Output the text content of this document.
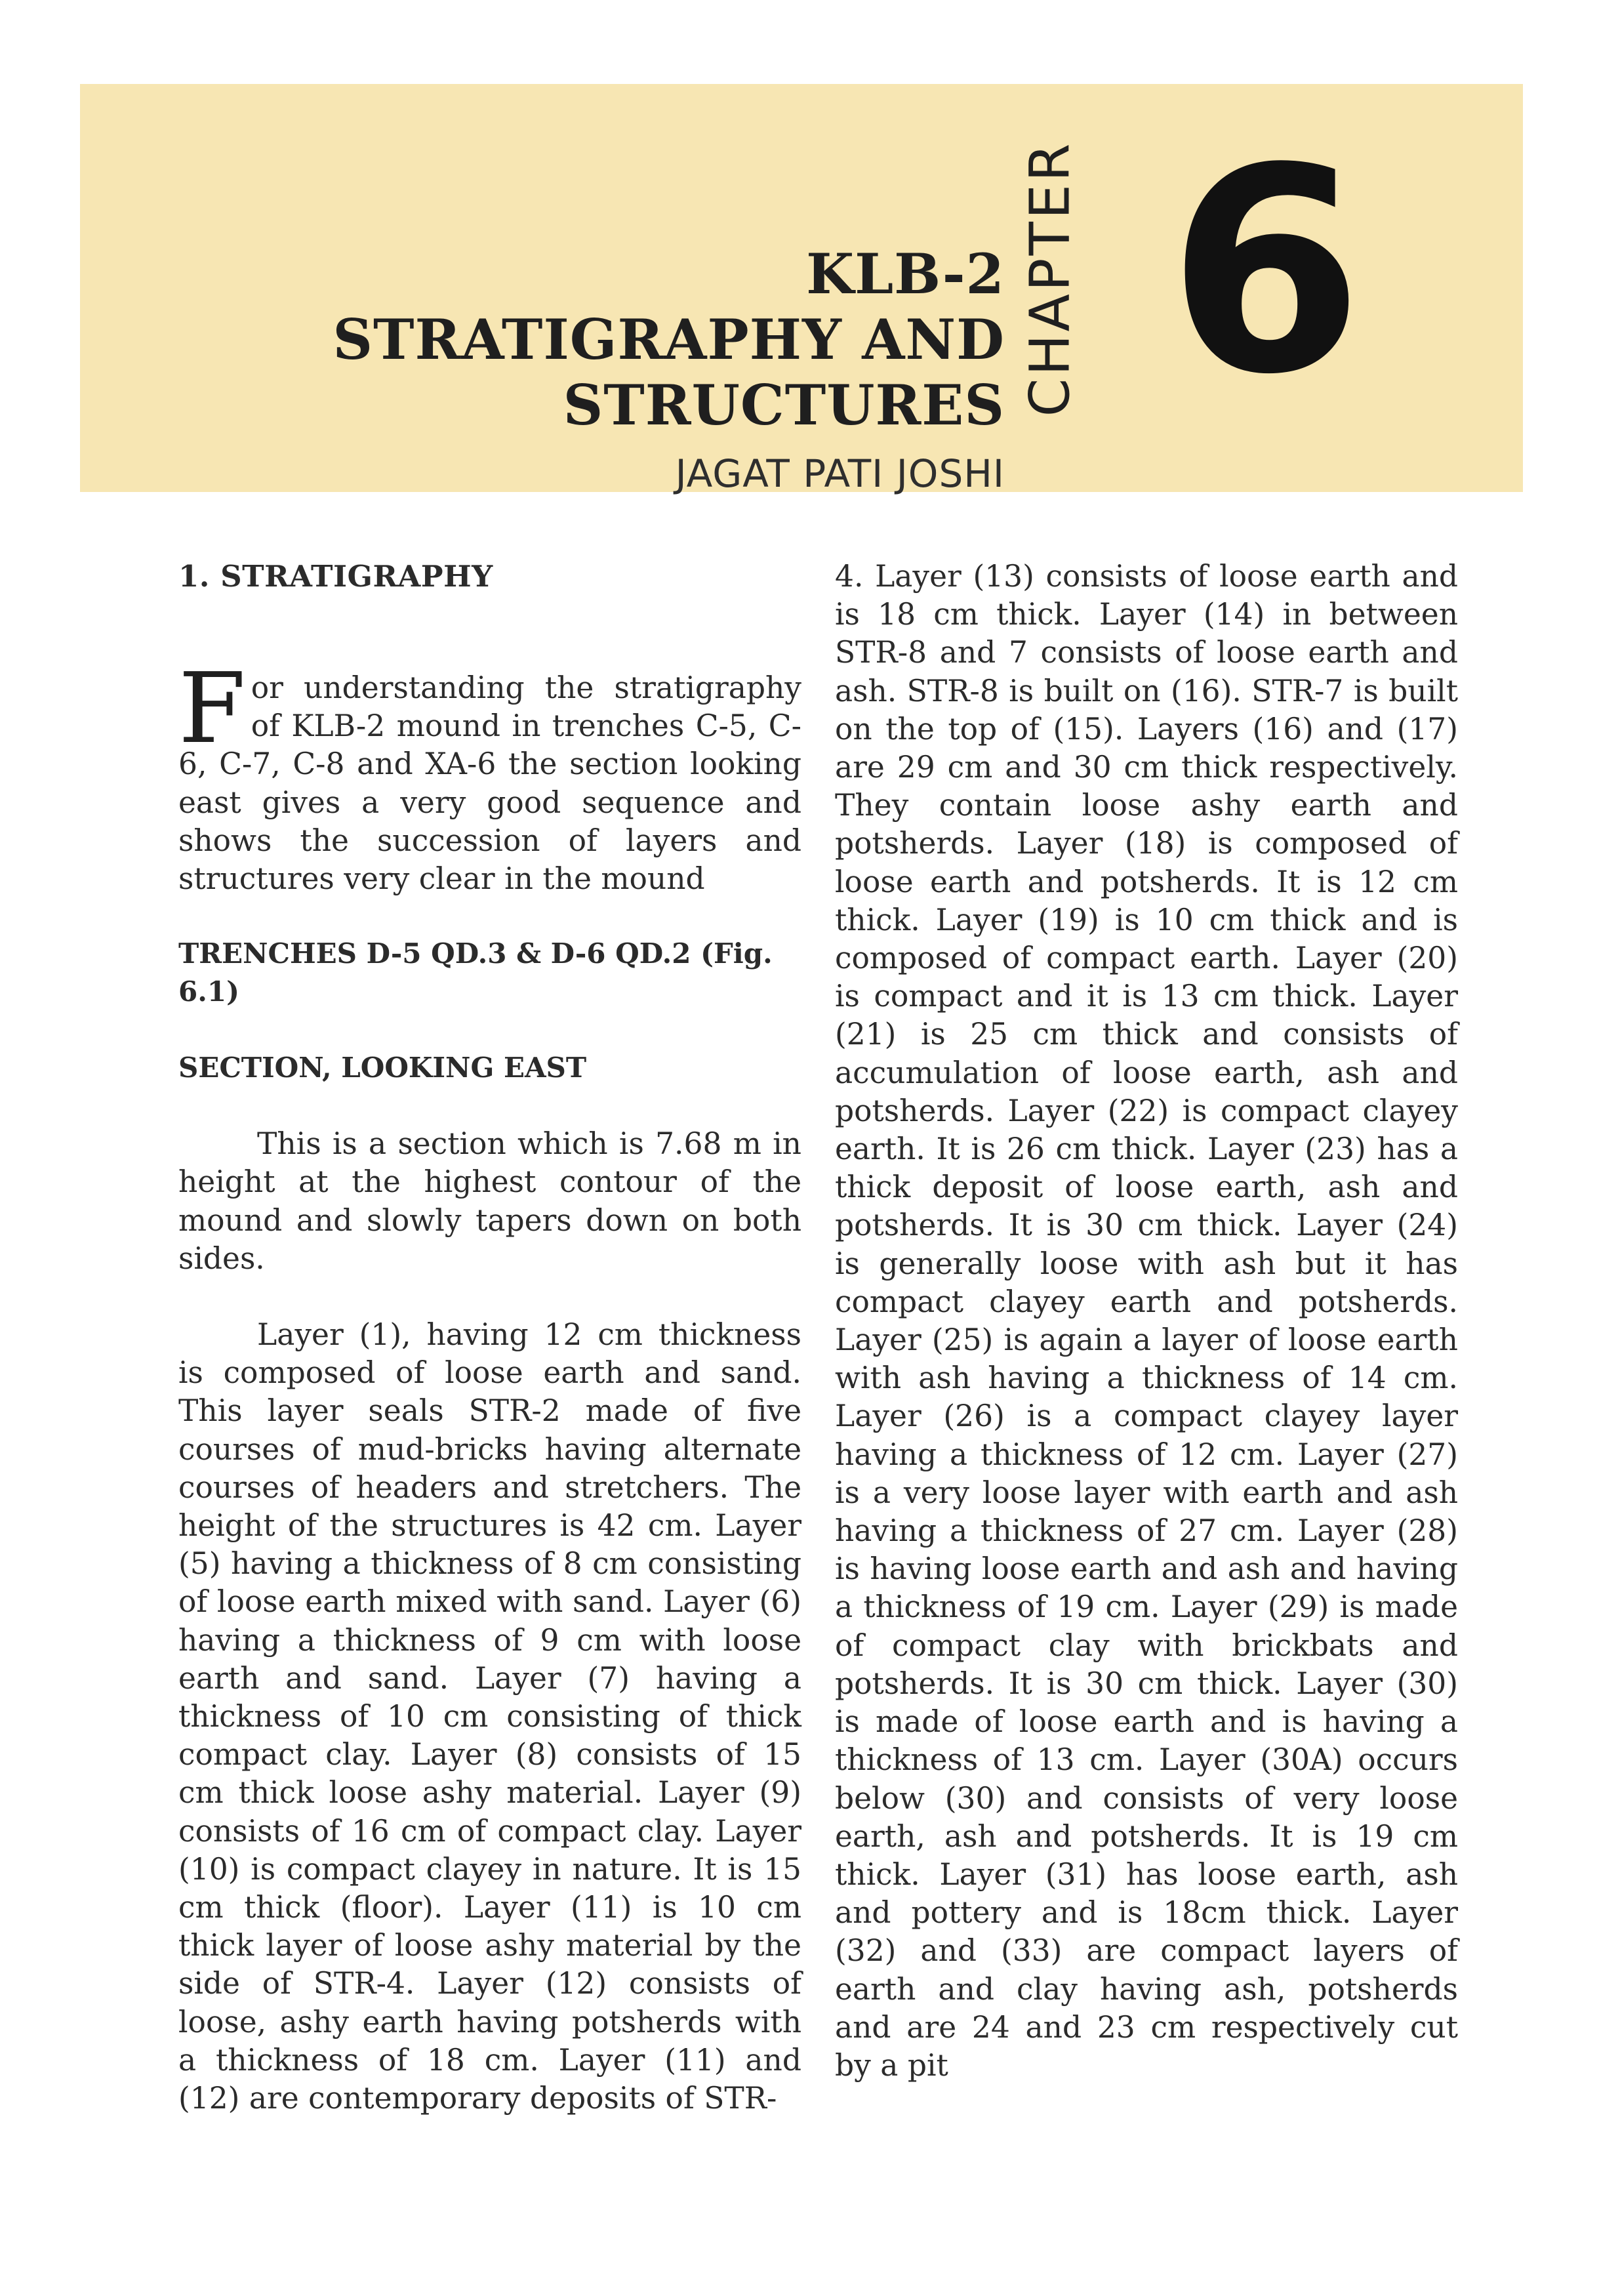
KLB-2
STRATIGRAPHY AND
STRUCTURES
JAGAT PATI JOSHI
CHAPTER 6

1. STRATIGRAPHY

For understanding the stratigraphy of KLB-2 mound in trenches C-5, C-6, C-7, C-8 and XA-6 the section looking east gives a very good sequence and shows the succession of layers and structures very clear in the mound

TRENCHES D-5 QD.3 & D-6 QD.2 (Fig. 6.1)

SECTION, LOOKING EAST

This is a section which is 7.68 m in height at the highest contour of the mound and slowly tapers down on both sides.

Layer (1), having 12 cm thickness is composed of loose earth and sand. This layer seals STR-2 made of five courses of mud-bricks having alternate courses of headers and stretchers. The height of the structures is 42 cm. Layer (5) having a thickness of 8 cm consisting of loose earth mixed with sand. Layer (6) having a thickness of 9 cm with loose earth and sand. Layer (7) having a thickness of 10 cm consisting of thick compact clay. Layer (8) consists of 15 cm thick loose ashy material. Layer (9) consists of 16 cm of compact clay. Layer (10) is compact clayey in nature. It is 15 cm thick (floor). Layer (11) is 10 cm thick layer of loose ashy material by the side of STR-4. Layer (12) consists of loose, ashy earth having potsherds with a thickness of 18 cm. Layer (11) and (12) are contemporary deposits of STR-

4. Layer (13) consists of loose earth and is 18 cm thick. Layer (14) in between STR-8 and 7 consists of loose earth and ash. STR-8 is built on (16). STR-7 is built on the top of (15). Layers (16) and (17) are 29 cm and 30 cm thick respectively. They contain loose ashy earth and potsherds. Layer (18) is composed of loose earth and potsherds. It is 12 cm thick. Layer (19) is 10 cm thick and is composed of compact earth. Layer (20) is compact and it is 13 cm thick. Layer (21) is 25 cm thick and consists of accumulation of loose earth, ash and potsherds. Layer (22) is compact clayey earth. It is 26 cm thick. Layer (23) has a thick deposit of loose earth, ash and potsherds. It is 30 cm thick. Layer (24) is generally loose with ash but it has compact clayey earth and potsherds. Layer (25) is again a layer of loose earth with ash having a thickness of 14 cm. Layer (26) is a compact clayey layer having a thickness of 12 cm. Layer (27) is a very loose layer with earth and ash having a thickness of 27 cm. Layer (28) is having loose earth and ash and having a thickness of 19 cm. Layer (29) is made of compact clay with brickbats and potsherds. It is 30 cm thick. Layer (30) is made of loose earth and is having a thickness of 13 cm. Layer (30A) occurs below (30) and consists of very loose earth, ash and potsherds. It is 19 cm thick. Layer (31) has loose earth, ash and pottery and is 18cm thick. Layer (32) and (33) are compact layers of earth and clay having ash, potsherds and are 24 and 23 cm respectively cut by a pit
